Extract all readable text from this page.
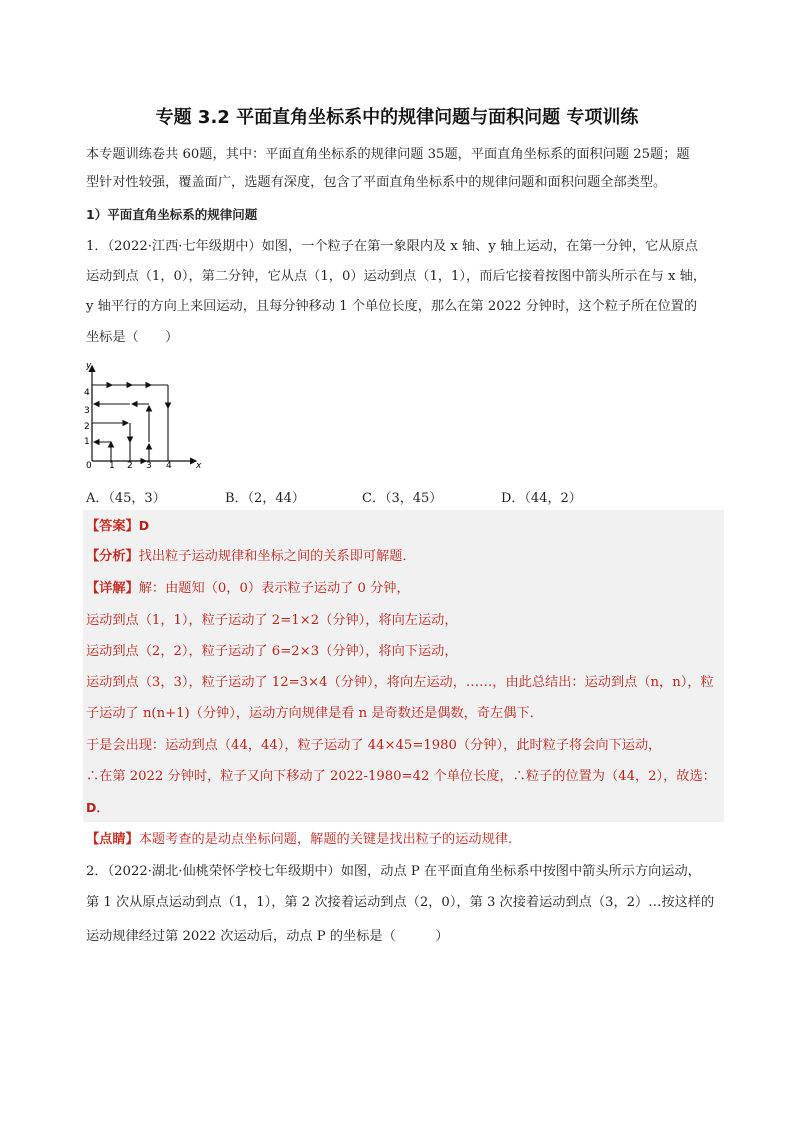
专题 3.2 平面直角坐标系中的规律问题与面积问题 专项训练
本专题训练卷共 60题，其中：平面直角坐标系的规律问题 35题，平面直角坐标系的面积问题 25题；题
型针对性较强，覆盖面广，选题有深度，包含了平面直角坐标系中的规律问题和面积问题全部类型。
1）平面直角坐标系的规律问题
1．（2022·江西·七年级期中）如图，一个粒子在第一象限内及 x 轴、y 轴上运动，在第一分钟，它从原点
运动到点（1，0），第二分钟，它从点（1，0）运动到点（1，1），而后它接着按图中箭头所示在与 x 轴，
y 轴平行的方向上来回运动，且每分钟移动 1 个单位长度，那么在第 2022 分钟时，这个粒子所在位置的
坐标是（　　）
y
x
1
2
3
4
0 1 2 3 4
A．（45，3）	B．（2，44）	C．（3，45）	D．（44，2）
【答案】D
【分析】找出粒子运动规律和坐标之间的关系即可解题．
【详解】解：由题知（0，0）表示粒子运动了 0 分钟，
运动到点（1，1），粒子运动了 2=1×2（分钟），将向左运动，
运动到点（2，2），粒子运动了 6=2×3（分钟），将向下运动，
运动到点（3，3），粒子运动了 12=3×4（分钟），将向左运动，……，由此总结出：运动到点（n，n），粒
子运动了 n(n+1)（分钟），运动方向规律是看 n 是奇数还是偶数，奇左偶下．
于是会出现：运动到点（44，44），粒子运动了 44×45=1980（分钟），此时粒子将会向下运动，
∴在第 2022 分钟时，粒子又向下移动了 2022-1980=42 个单位长度，∴粒子的位置为（44，2），故选：
D．
【点睛】本题考查的是动点坐标问题，解题的关键是找出粒子的运动规律．
2．（2022·湖北·仙桃荣怀学校七年级期中）如图，动点 P 在平面直角坐标系中按图中箭头所示方向运动，
第 1 次从原点运动到点（1，1），第 2 次接着运动到点（2，0），第 3 次接着运动到点（3，2）…按这样的
运动规律经过第 2022 次运动后，动点 P 的坐标是（　　　）
